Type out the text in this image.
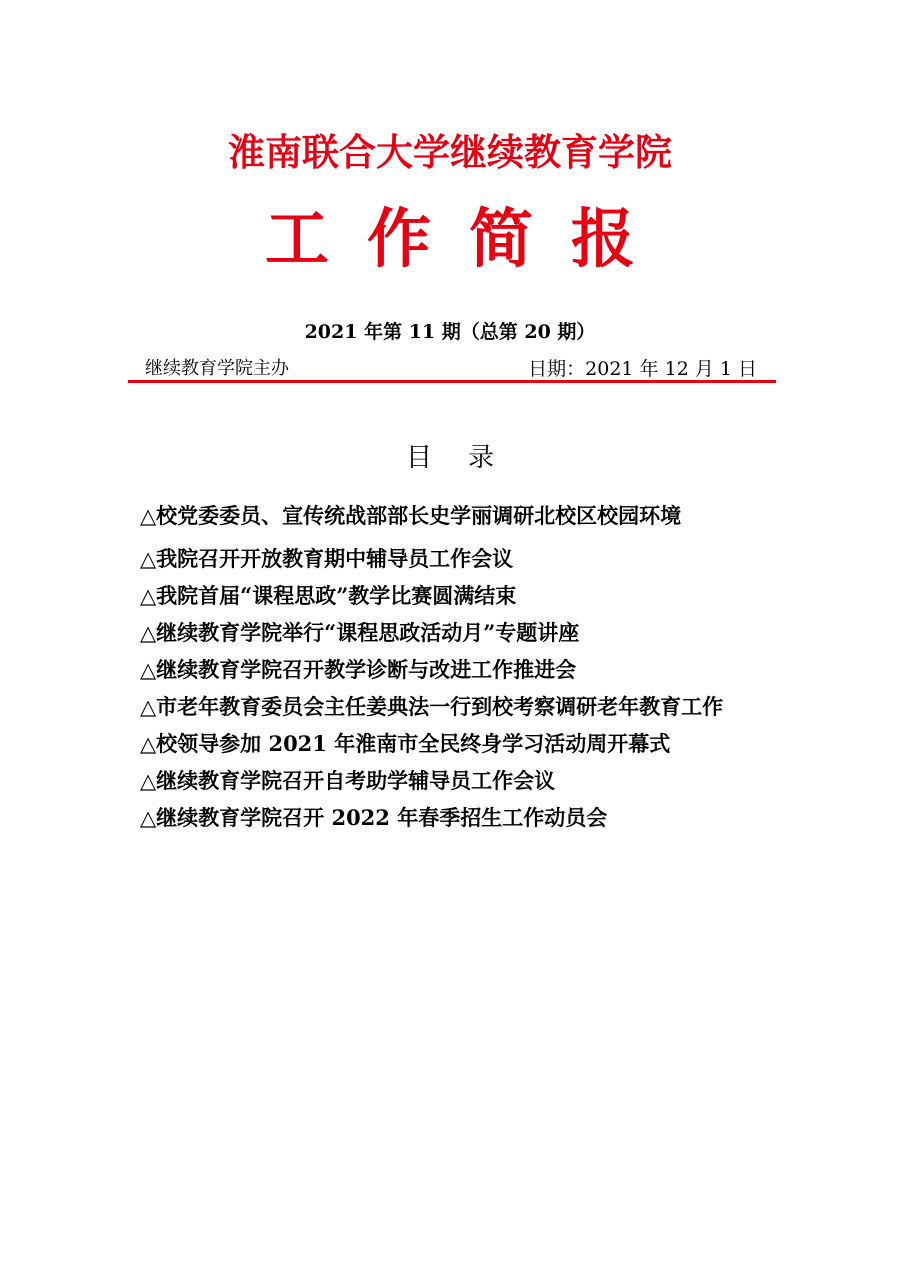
淮南联合大学继续教育学院
工作简报
2021 年第 11 期（总第 20 期）
继续教育学院主办	日期：2021 年 12 月 1 日
目录
△校党委委员、宣传统战部部长史学丽调研北校区校园环境
△我院召开开放教育期中辅导员工作会议
△我院首届“课程思政”教学比赛圆满结束
△继续教育学院举行“课程思政活动月”专题讲座
△继续教育学院召开教学诊断与改进工作推进会
△市老年教育委员会主任姜典法一行到校考察调研老年教育工作
△校领导参加 2021 年淮南市全民终身学习活动周开幕式
△继续教育学院召开自考助学辅导员工作会议
△继续教育学院召开 2022 年春季招生工作动员会
